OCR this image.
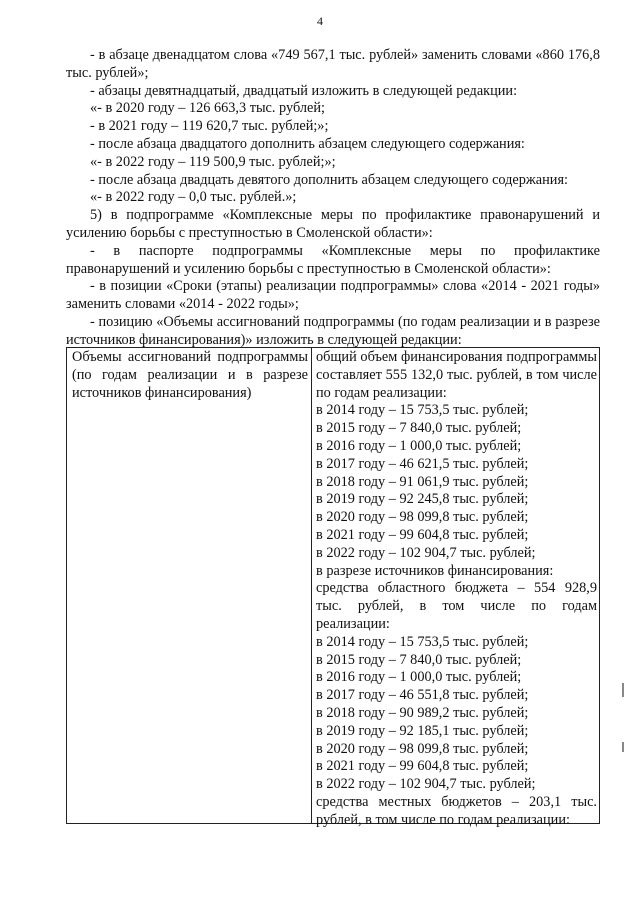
4

- в абзаце двенадцатом слова «749 567,1 тыс. рублей» заменить словами «860 176,8 тыс. рублей»;

- абзацы девятнадцатый, двадцатый изложить в следующей редакции:

«- в 2020 году – 126 663,3 тыс. рублей;

- в 2021 году – 119 620,7 тыс. рублей;»;

- после абзаца двадцатого дополнить абзацем следующего содержания:

«- в 2022 году – 119 500,9 тыс. рублей;»;

- после абзаца двадцать девятого дополнить абзацем следующего содержания:

«- в 2022 году – 0,0 тыс. рублей.»;

5) в подпрограмме «Комплексные меры по профилактике правонарушений и усилению борьбы с преступностью в Смоленской области»:

- в паспорте подпрограммы «Комплексные меры по профилактике правонарушений и усилению борьбы с преступностью в Смоленской области»:

- в позиции «Сроки (этапы) реализации подпрограммы» слова «2014 - 2021 годы» заменить словами «2014 - 2022 годы»;

- позицию «Объемы ассигнований подпрограммы (по годам реализации и в разрезе источников финансирования)» изложить в следующей редакции:

Объемы ассигнований подпрограммы (по годам реализации и в разрезе источников финансирования)
общий объем финансирования подпрограммы составляет 555 132,0 тыс. рублей, в том числе по годам реализации:
в 2014 году – 15 753,5 тыс. рублей;
в 2015 году – 7 840,0 тыс. рублей;
в 2016 году – 1 000,0 тыс. рублей;
в 2017 году – 46 621,5 тыс. рублей;
в 2018 году – 91 061,9 тыс. рублей;
в 2019 году – 92 245,8 тыс. рублей;
в 2020 году – 98 099,8 тыс. рублей;
в 2021 году – 99 604,8 тыс. рублей;
в 2022 году – 102 904,7 тыс. рублей;
в разрезе источников финансирования:
средства областного бюджета – 554 928,9 тыс. рублей, в том числе по годам реализации:
в 2014 году – 15 753,5 тыс. рублей;
в 2015 году – 7 840,0 тыс. рублей;
в 2016 году – 1 000,0 тыс. рублей;
в 2017 году – 46 551,8 тыс. рублей;
в 2018 году – 90 989,2 тыс. рублей;
в 2019 году – 92 185,1 тыс. рублей;
в 2020 году – 98 099,8 тыс. рублей;
в 2021 году – 99 604,8 тыс. рублей;
в 2022 году – 102 904,7 тыс. рублей;
средства местных бюджетов – 203,1 тыс. рублей, в том числе по годам реализации:
